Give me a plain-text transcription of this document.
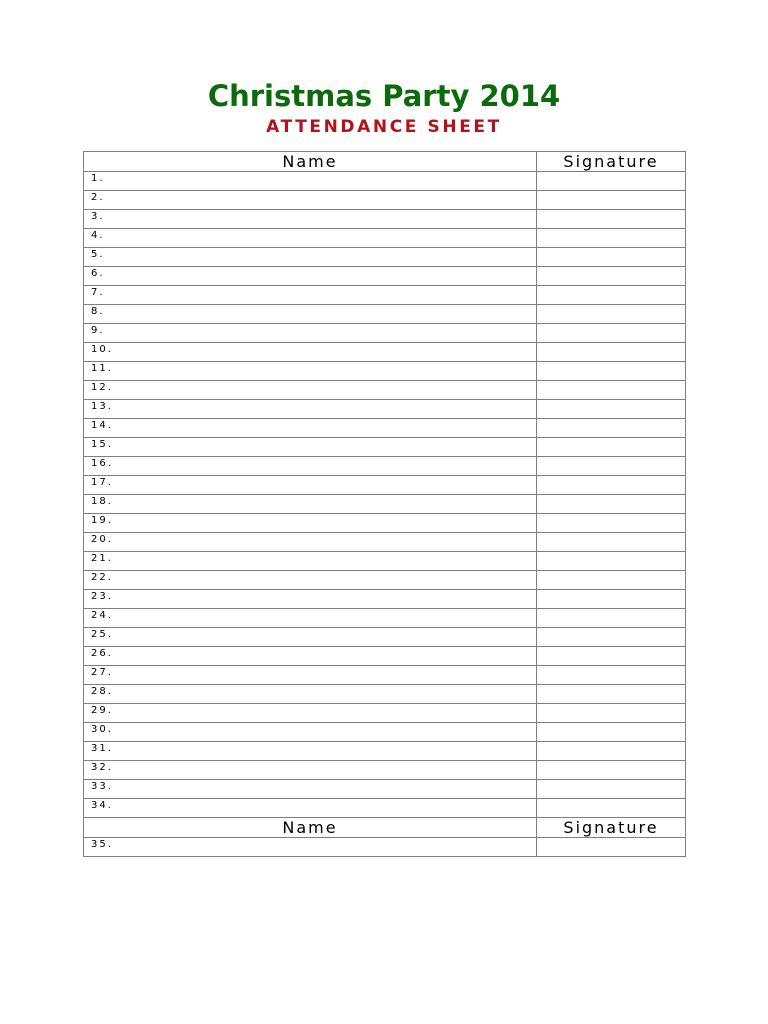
Christmas Party 2014
ATTENDANCE SHEET
Name	Signature
1.	
2.	
3.	
4.	
5.	
6.	
7.	
8.	
9.	
10.	
11.	
12.	
13.	
14.	
15.	
16.	
17.	
18.	
19.	
20.	
21.	
22.	
23.	
24.	
25.	
26.	
27.	
28.	
29.	
30.	
31.	
32.	
33.	
34.	
Name	Signature
35.	
